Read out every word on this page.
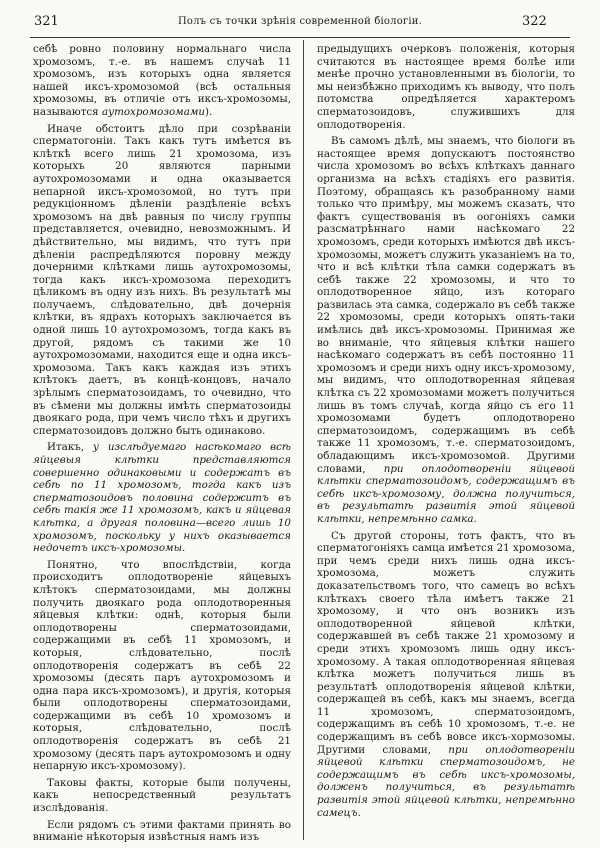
321	Полъ съ точки зрѣнія современной біологіи.	322

себѣ ровно половину нормальнаго числа хромозомъ, т.-е. въ нашемъ случаѣ 11 хромозомъ, изъ которыхъ одна является нашей иксъ-хромозомой (всѣ остальныя хромозомы, въ отличіе отъ иксъ-хромозомы, называются аутохромозомами).

Иначе обстоитъ дѣло при созрѣваніи сперматогоніи. Такъ какъ тутъ имѣется въ клѣткѣ всего лишь 21 хромозома, изъ которыхъ 20 являются парными аутохромозомами и одна оказывается непарной иксъ-хромозомой, но тутъ при редукціонномъ дѣленіи раздѣленіе всѣхъ хромозомъ на двѣ равныя по числу группы представляется, очевидно, невозможнымъ. И дѣйствительно, мы видимъ, что тутъ при дѣленіи распредѣляются поровну между дочерними клѣтками лишь аутохромозомы, тогда какъ иксъ-хромозома переходитъ цѣликомъ въ одну изъ нихъ. Въ результатѣ мы получаемъ, слѣдовательно, двѣ дочернія клѣтки, въ ядрахъ которыхъ заключается въ одной лишь 10 аутохромозомъ, тогда какъ въ другой, рядомъ съ такими же 10 аутохромозомами, находится еще и одна иксъ-хромозома. Такъ какъ каждая изъ этихъ клѣтокъ даетъ, въ концѣ-концовъ, начало зрѣлымъ сперматозоидамъ, то очевидно, что въ сѣмени мы должны имѣть сперматозоиды двоякаго рода, при чемъ число тѣхъ и другихъ сперматозоидовъ должно быть одинаково.

Итакъ, у изслѣдуемаго насѣкомаго всѣ яйцевыя клѣтки представляются совершенно одинаковыми и содержатъ въ себѣ по 11 хромозомъ, тогда какъ изъ сперматозоидовъ половина содержитъ въ себѣ такія же 11 хромозомъ, какъ и яйцевая клѣтка, а другая половина—всего лишь 10 хромозомъ, поскольку у нихъ оказывается недочетъ иксъ-хромозомы.

Понятно, что впослѣдствіи, когда происходитъ оплодотвореніе яйцевыхъ клѣтокъ сперматозоидами, мы должны получить двоякаго рода оплодотворенныя яйцевыя клѣтки: однѣ, которыя были оплодотворены сперматозоидами, содержащими въ себѣ 11 хромозомъ, и которыя, слѣдовательно, послѣ оплодотворенія содержатъ въ себѣ 22 хромозомы (десять паръ аутохромозомъ и одна пара иксъ-хромозомъ), и другія, которыя были оплодотворены сперматозоидами, содержащими въ себѣ 10 хромозомъ и которыя, слѣдовательно, послѣ оплодотворенія содержатъ въ себѣ 21 хромозому (десять паръ аутохромозомъ и одну непарную иксъ-хромозому).

Таковы факты, которые были получены, какъ непосредственный результатъ изслѣдованія.

Если рядомъ съ этими фактами принять во вниманіе нѣкоторыя извѣстныя намъ изъ

предыдущихъ очерковъ положенія, которыя считаются въ настоящее время болѣе или менѣе прочно установленными въ біологіи, то мы неизбѣжно приходимъ къ выводу, что полъ потомства опредѣляется характеромъ сперматозоидовъ, служившихъ для оплодотворенія.

Въ самомъ дѣлѣ, мы знаемъ, что біологи въ настоящее время допускаютъ постоянство числа хромозомъ во всѣхъ клѣткахъ даннаго организма на всѣхъ стадіяхъ его развитія. Поэтому, обращаясь къ разобранному нами только что примѣру, мы можемъ сказать, что фактъ существованія въ оогоніяхъ самки разсматрѣннаго нами насѣкомаго 22 хромозомъ, среди которыхъ имѣются двѣ иксъ-хромозомы, можетъ служить указаніемъ на то, что и всѣ клѣтки тѣла самки содержатъ въ себѣ также 22 хромозомы, и что то оплодотворенное яйцо, изъ котораго развилась эта самка, содержало въ себѣ также 22 хромозомы, среди которыхъ опять-таки имѣлись двѣ иксъ-хромозомы. Принимая же во вниманіе, что яйцевыя клѣтки нашего насѣкомаго содержатъ въ себѣ постоянно 11 хромозомъ и среди нихъ одну иксъ-хромозому, мы видимъ, что оплодотворенная яйцевая клѣтка съ 22 хромозомами можетъ получиться лишь въ томъ случаѣ, когда яйцо съ его 11 хромозомами будетъ оплодотворено сперматозоидомъ, содержащимъ въ себѣ также 11 хромозомъ, т.-е. сперматозоидомъ, обладающимъ иксъ-хромозомой. Другими словами, при оплодотвореніи яйцевой клѣтки сперматозоидомъ, содержащимъ въ себѣ иксъ-хромозому, должна получиться, въ результатѣ развитія этой яйцевой клѣтки, непремѣнно самка.

Съ другой стороны, тотъ фактъ, что въ сперматогоніяхъ самца имѣется 21 хромозома, при чемъ среди нихъ лишь одна иксъ-хромозома, можетъ служить доказательствомъ того, что самецъ во всѣхъ клѣткахъ своего тѣла имѣетъ также 21 хромозому, и что онъ возникъ изъ оплодотворенной яйцевой клѣтки, содержавшей въ себѣ также 21 хромозому и среди этихъ хромозомъ лишь одну иксъ-хромозому. А такая оплодотворенная яйцевая клѣтка можетъ получиться лишь въ результатѣ оплодотворенія яйцевой клѣтки, содержащей въ себѣ, какъ мы знаемъ, всегда 11 хромозомъ, сперматозоидомъ, содержащимъ въ себѣ 10 хромозомъ, т.-е. не содержащимъ въ себѣ вовсе иксъ-хормозомы. Другими словами, при оплодотвореніи яйцевой клѣтки сперматозоидомъ, не содержащимъ въ себѣ иксъ-хромозомы, долженъ получиться, въ результатѣ развитія этой яйцевой клѣтки, непремѣнно самецъ.
